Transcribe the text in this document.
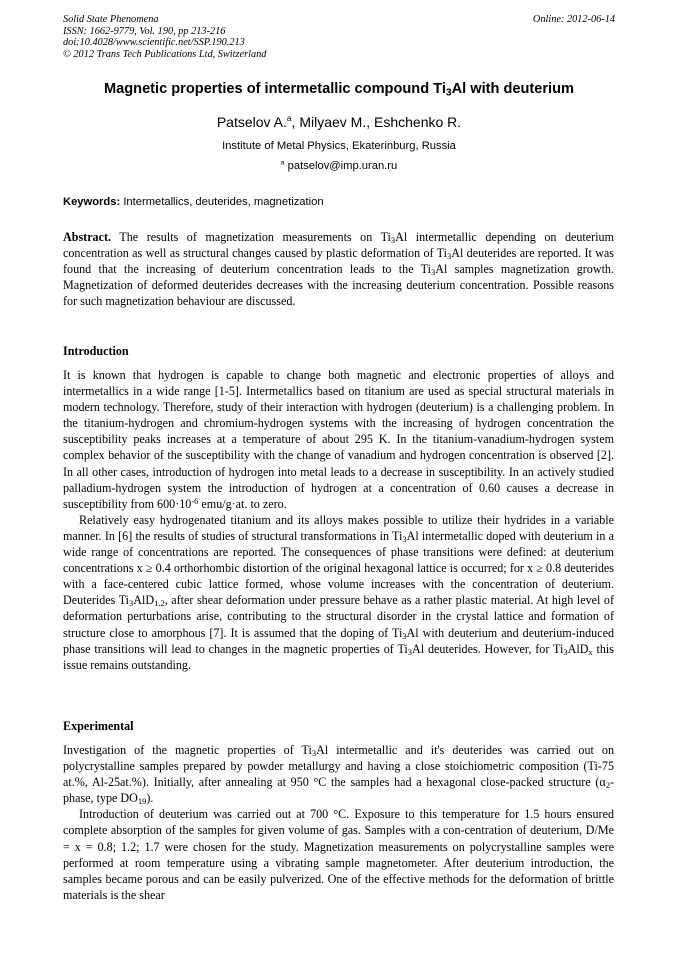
Solid State Phenomena
ISSN: 1662-9779, Vol. 190, pp 213-216
doi:10.4028/www.scientific.net/SSP.190.213
© 2012 Trans Tech Publications Ltd, Switzerland
Online: 2012-06-14
Magnetic properties of intermetallic compound $Ti_3Al$ with deuterium
Patselov A.$^a$, Milyaev M., Eshchenko R.
Institute of Metal Physics, Ekaterinburg, Russia
$^a$ patselov@imp.uran.ru
Keywords: Intermetallics, deuterides, magnetization

Abstract. The results of magnetization measurements on $Ti_3Al$ intermetallic depending on deuterium concentration as well as structural changes caused by plastic deformation of $Ti_3Al$ deuterides are reported. It was found that the increasing of deuterium concentration leads to the $Ti_3Al$ samples magnetization growth. Magnetization of deformed deuterides decreases with the increasing deuterium concentration. Possible reasons for such magnetization behaviour are discussed.

Introduction

It is known that hydrogen is capable to change both magnetic and electronic properties of alloys and intermetallics in a wide range [1-5]. Intermetallics based on titanium are used as special structural materials in modern technology. Therefore, study of their interaction with hydrogen (deuterium) is a challenging problem. In the titanium-hydrogen and chromium-hydrogen systems with the increasing of hydrogen concentration the susceptibility peaks increases at a temperature of about 295 K. In the titanium-vanadium-hydrogen system complex behavior of the susceptibility with the change of vanadium and hydrogen concentration is observed [2]. In all other cases, introduction of hydrogen into metal leads to a decrease in susceptibility. In an actively studied palladium-hydrogen system the introduction of hydrogen at a concentration of 0.60 causes a decrease in susceptibility from $600\cdot 10^{-6}$ emu/g·at. to zero.

Relatively easy hydrogenated titanium and its alloys makes possible to utilize their hydrides in a variable manner. In [6] the results of studies of structural transformations in $Ti_3Al$ intermetallic doped with deuterium in a wide range of concentrations are reported. The consequences of phase transitions were defined: at deuterium concentrations x ≥ 0.4 orthorhombic distortion of the original hexagonal lattice is occurred; for x ≥ 0.8 deuterides with a face-centered cubic lattice formed, whose volume increases with the concentration of deuterium. Deuterides $Ti_3AlD_{1.2}$, after shear deformation under pressure behave as a rather plastic material. At high level of deformation perturbations arise, contributing to the structural disorder in the crystal lattice and formation of structure close to amorphous [7]. It is assumed that the doping of $Ti_3Al$ with deuterium and deuterium-induced phase transitions will lead to changes in the magnetic properties of $Ti_3Al$ deuterides. However, for $Ti_3AlD_x$ this issue remains outstanding.

Experimental

Investigation of the magnetic properties of $Ti_3Al$ intermetallic and it's deuterides was carried out on polycrystalline samples prepared by powder metallurgy and having a close stoichiometric composition (Ti-75 at.%, Al-25at.%). Initially, after annealing at 950 °C the samples had a hexagonal close-packed structure ($\alpha_2$-phase, type $DO_{19}$).

Introduction of deuterium was carried out at 700 °C. Exposure to this temperature for 1.5 hours ensured complete absorption of the samples for given volume of gas. Samples with a con-centration of deuterium, D/Me = x = 0.8; 1.2; 1.7 were chosen for the study. Magnetization measurements on polycrystalline samples were performed at room temperature using a vibrating sample magnetometer. After deuterium introduction, the samples became porous and can be easily pulverized. One of the effective methods for the deformation of brittle materials is the shear
